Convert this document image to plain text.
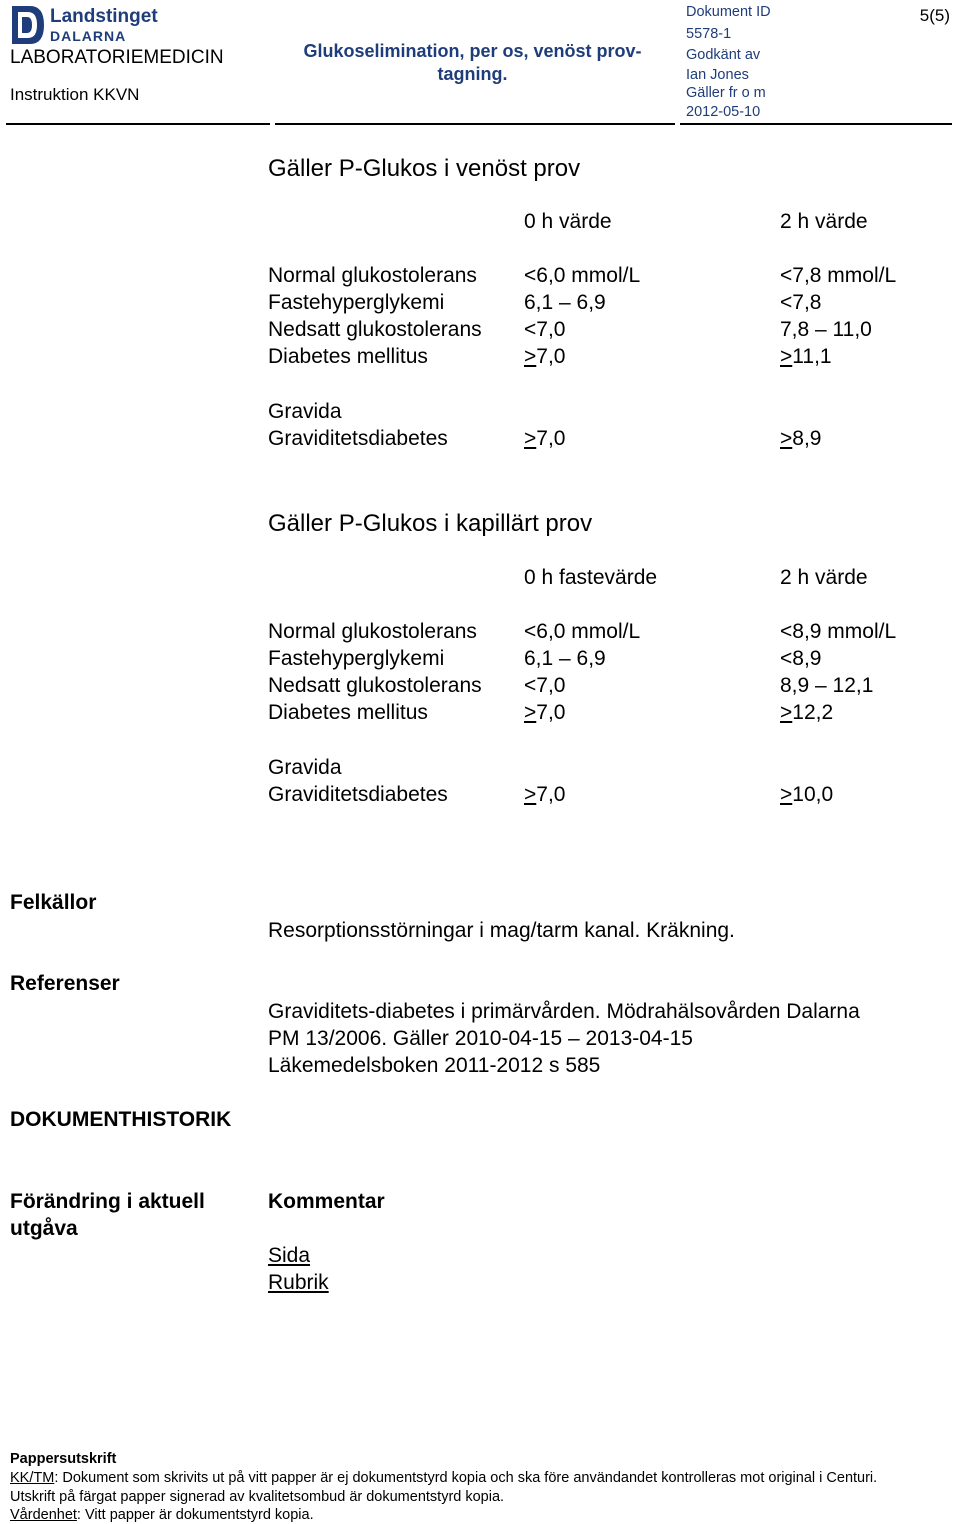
Landstinget
DALARNA
LABORATORIEMEDICIN
Instruktion KKVN
Glukoselimination, per os, venöst prov-tagning.
Dokument ID
5578-1
Godkänt av
Ian Jones
Gäller fr o m
2012-05-10
5(5)
Gäller P-Glukos i venöst prov
0 h värde	2 h värde
Normal glukostolerans <6,0 mmol/L	<7,8 mmol/L
Fastehyperglykemi	6,1 – 6,9	<7,8
Nedsatt glukostolerans <7,0	7,8 – 11,0
Diabetes mellitus	≥7,0	≥11,1
Gravida
Graviditetsdiabetes	≥7,0	≥8,9
Gäller P-Glukos i kapillärt prov
0 h fastevärde	2 h värde
Normal glukostolerans <6,0 mmol/L	<8,9 mmol/L
Fastehyperglykemi	6,1 – 6,9	<8,9
Nedsatt glukostolerans <7,0	8,9 – 12,1
Diabetes mellitus	≥7,0	≥12,2
Gravida
Graviditetsdiabetes	≥7,0	≥10,0
Felkällor
Resorptionsstörningar i mag/tarm kanal. Kräkning.
Referenser
Graviditets-diabetes i primärvården. Mödrahälsovården Dalarna
PM 13/2006. Gäller 2010-04-15 – 2013-04-15
Läkemedelsboken 2011-2012 s 585
DOKUMENTHISTORIK
Förändring i aktuell
utgåva
Kommentar
Sida
Rubrik
Pappersutskrift
KK/TM: Dokument som skrivits ut på vitt papper är ej dokumentstyrd kopia och ska före användandet kontrolleras mot original i Centuri.
Utskrift på färgat papper signerad av kvalitetsombud är dokumentstyrd kopia.
Vårdenhet: Vitt papper är dokumentstyrd kopia.
